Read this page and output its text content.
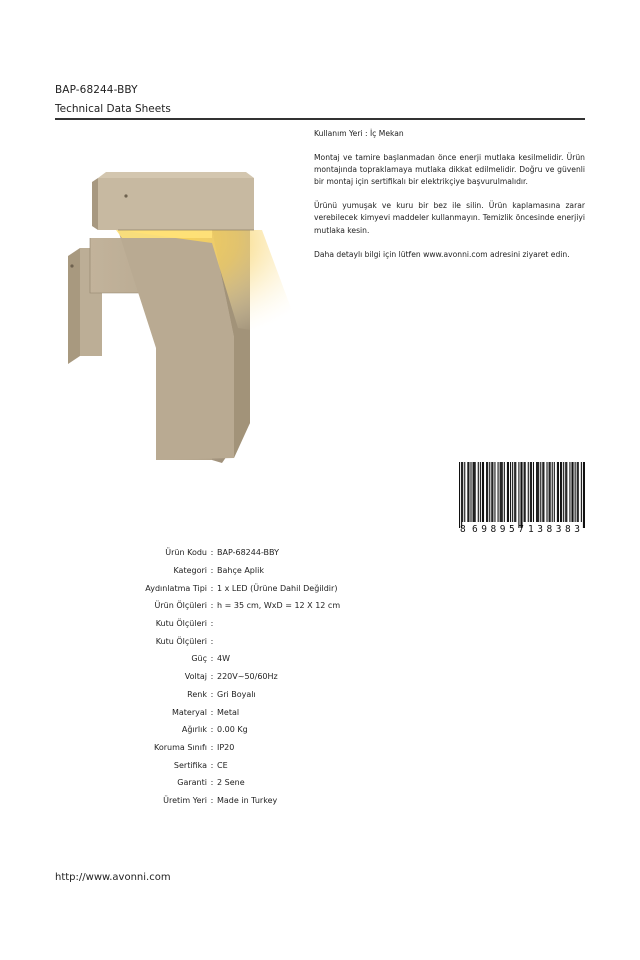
BAP-68244-BBY
Technical Data Sheets

Kullanım Yeri : İç Mekan

Montaj ve tamire başlanmadan önce enerji mutlaka kesilmelidir. Ürün montajında topraklamaya mutlaka dikkat edilmelidir. Doğru ve güvenli bir montaj için sertifikalı bir elektrikçiye başvurulmalıdır.

Ürünü yumuşak ve kuru bir bez ile silin. Ürün kaplamasına zarar verebilecek kimyevi maddeler kullanmayın. Temizlik öncesinde enerjiyi mutlaka kesin.

Daha detaylı bilgi için lütfen www.avonni.com adresini ziyaret edin.

8 698957 138383
Ürün Kodu : BAP-68244-BBY
Kategori : Bahçe Aplik
Aydınlatma Tipi : 1 x LED (Ürüne Dahil Değildir)
Ürün Ölçüleri : h = 35 cm, WxD = 12 X 12 cm
Kutu Ölçüleri :
Kutu Ölçüleri :
Güç : 4W
Voltaj : 220V~50/60Hz
Renk : Gri Boyalı
Materyal : Metal
Ağırlık : 0.00 Kg
Koruma Sınıfı : IP20
Sertifika : CE
Garanti : 2 Sene
Üretim Yeri : Made in Turkey
http://www.avonni.com
